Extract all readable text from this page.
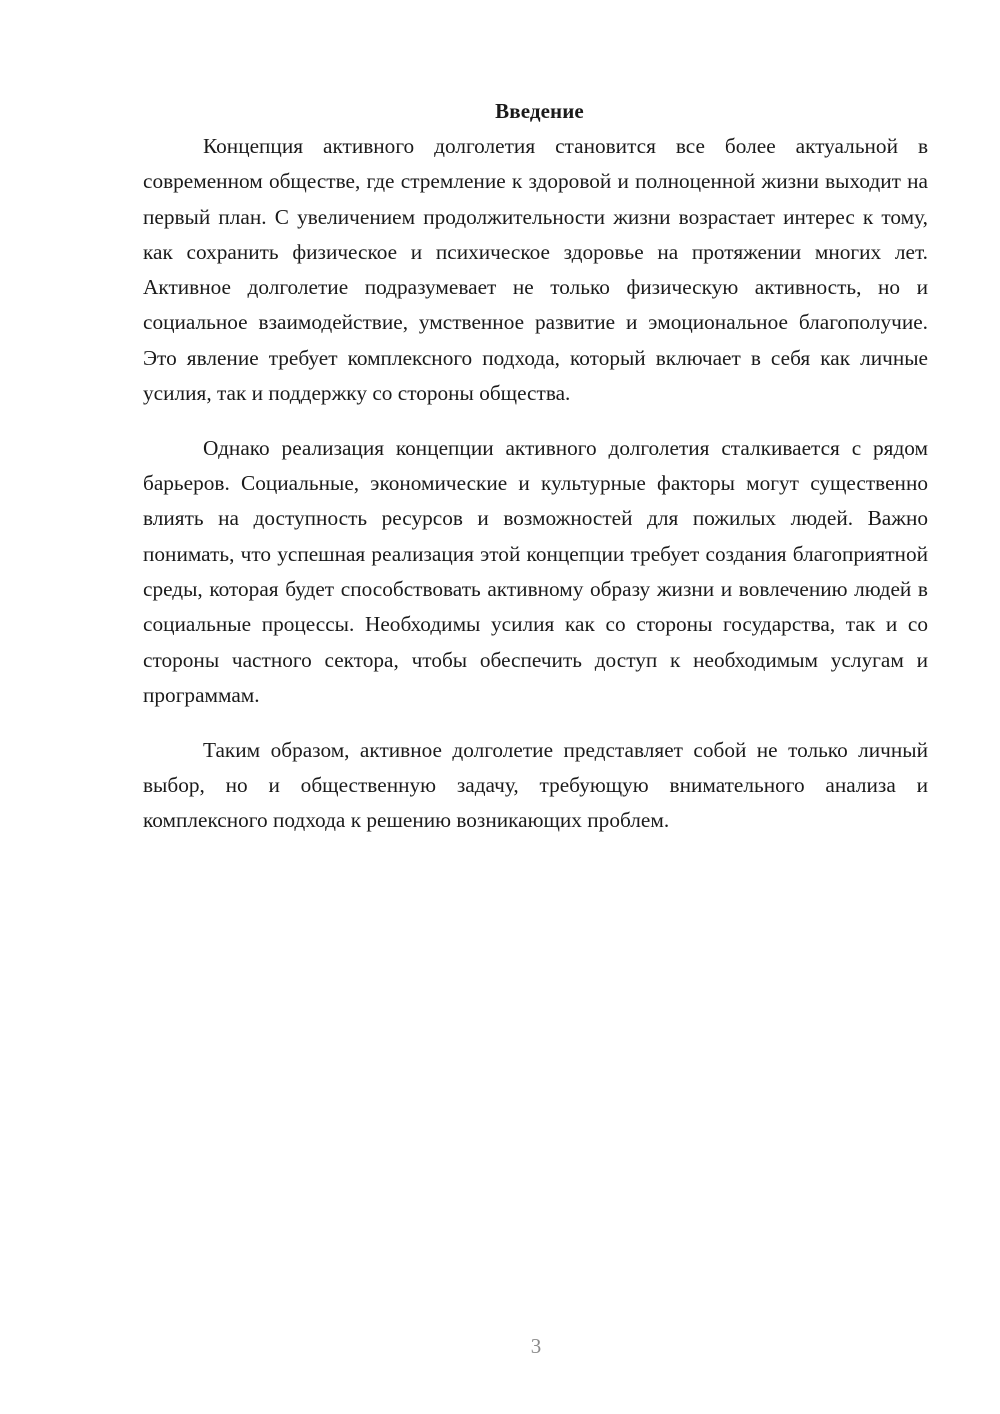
Введение

Концепция активного долголетия становится все более актуальной в современном обществе, где стремление к здоровой и полноценной жизни выходит на первый план. С увеличением продолжительности жизни возрастает интерес к тому, как сохранить физическое и психическое здоровье на протяжении многих лет. Активное долголетие подразумевает не только физическую активность, но и социальное взаимодействие, умственное развитие и эмоциональное благополучие. Это явление требует комплексного подхода, который включает в себя как личные усилия, так и поддержку со стороны общества.

Однако реализация концепции активного долголетия сталкивается с рядом барьеров. Социальные, экономические и культурные факторы могут существенно влиять на доступность ресурсов и возможностей для пожилых людей. Важно понимать, что успешная реализация этой концепции требует создания благоприятной среды, которая будет способствовать активному образу жизни и вовлечению людей в социальные процессы. Необходимы усилия как со стороны государства, так и со стороны частного сектора, чтобы обеспечить доступ к необходимым услугам и программам.

Таким образом, активное долголетие представляет собой не только личный выбор, но и общественную задачу, требующую внимательного анализа и комплексного подхода к решению возникающих проблем.

3
